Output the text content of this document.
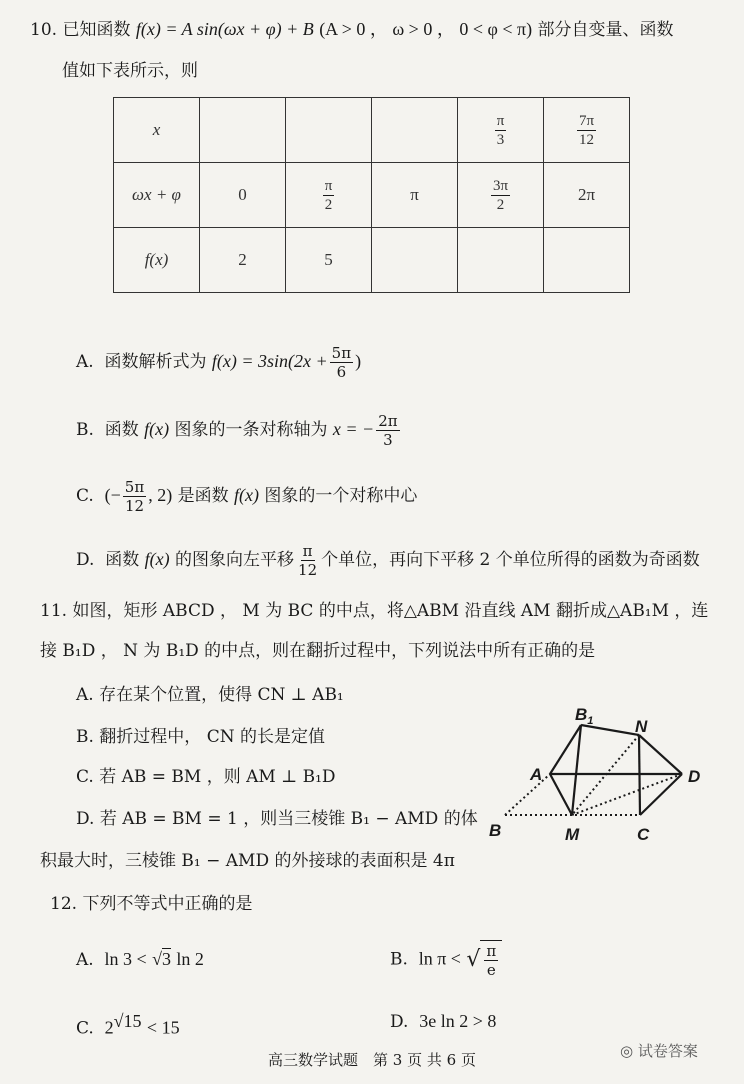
10. 已知函数 f(x) = A sin(ωx + φ) + B (A > 0 ， ω > 0 ， 0 < φ < π) 部分自变量、函数
值如下表所示，则
x				$\frac{\pi}{3}$	$\frac{7\pi}{12}$

ωx + φ	0	$\frac{\pi}{2}$	π	$\frac{3\pi}{2}$	2π
f(x)	2	5			
A. 函数解析式为 $f(x) = 3\sin(2x + \frac{5\pi}{6}$ )
B. 函数 f(x) 图象的一条对称轴为 x = − $\frac{2\pi}{3}$
C. (− $\frac{5\pi}{12}$ , 2) 是函数 f(x) 图象的一个对称中心
D. 函数 f(x) 的图象向左平移 $\frac{\pi}{12}$ 个单位，再向下平移 2 个单位所得的函数为奇函数
11. 如图，矩形 ABCD ， M 为 BC 的中点，将△ABM 沿直线 AM 翻折成△AB₁M ，连
接 B₁D ， N 为 B₁D 的中点，则在翻折过程中，下列说法中所有正确的是
A. 存在某个位置，使得 CN ⊥ AB₁
B. 翻折过程中， CN 的长是定值
C. 若 AB = BM ，则 AM ⊥ B₁D
D. 若 AB = BM = 1 ，则当三棱锥 B₁ − AMD 的体
积最大时，三棱锥 B₁ − AMD 的外接球的表面积是 4π
$B_1$ N
A	D
B	M	C
12. 下列不等式中正确的是
A. ln 3 < √3 ln 2	B. ln π < √ $\frac{\pi}{e}$
C. $2^{√15} < 15$	D. 3e ln 2 > 8
高三数学试题　第 3 页 共 6 页	◎ 试卷答案
